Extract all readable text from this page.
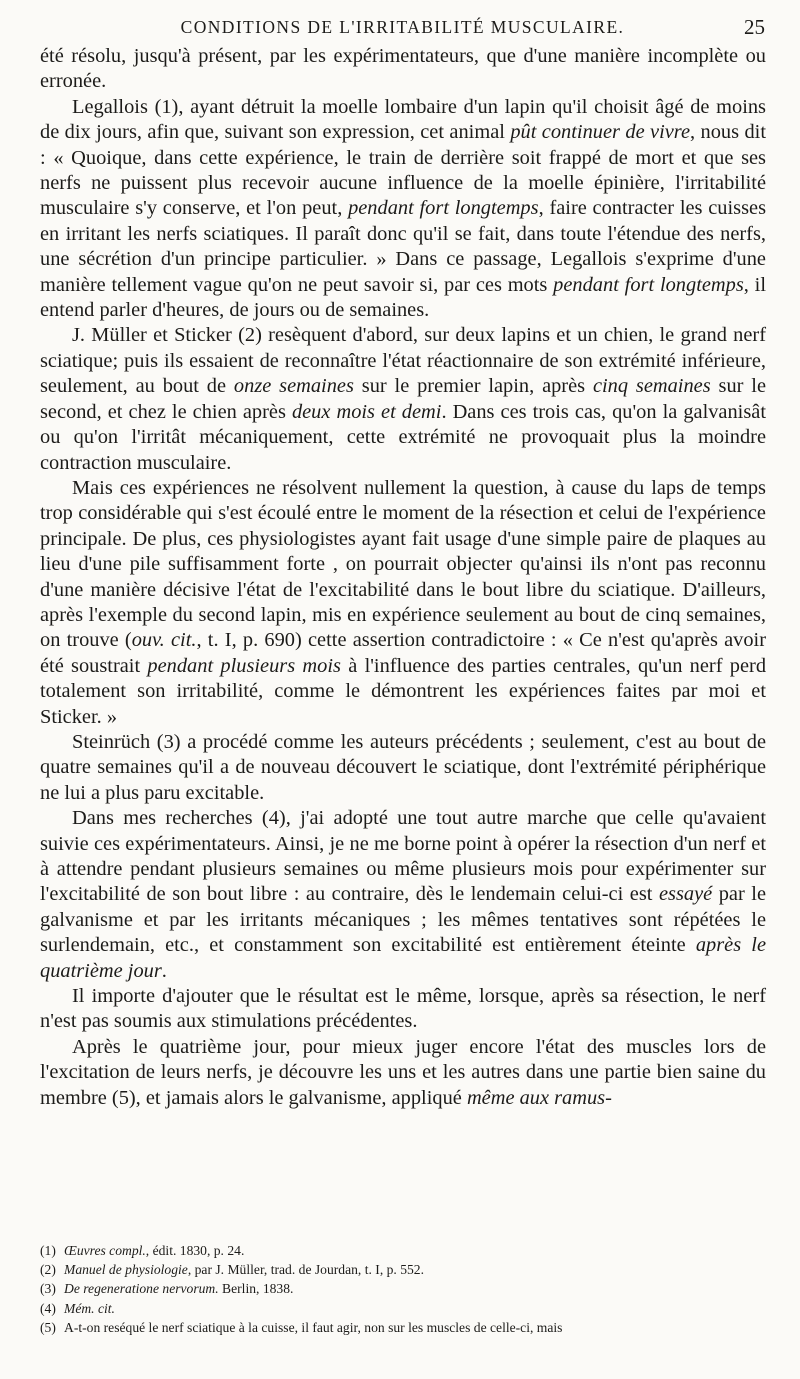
CONDITIONS DE L'IRRITABILITÉ MUSCULAIRE.	25

été résolu, jusqu'à présent, par les expérimentateurs, que d'une manière incomplète ou erronée.

Legallois (1), ayant détruit la moelle lombaire d'un lapin qu'il choisit âgé de moins de dix jours, afin que, suivant son expression, cet animal pût continuer de vivre, nous dit : « Quoique, dans cette expérience, le train de derrière soit frappé de mort et que ses nerfs ne puissent plus recevoir aucune influence de la moelle épinière, l'irritabilité musculaire s'y conserve, et l'on peut, pendant fort longtemps, faire contracter les cuisses en irritant les nerfs sciatiques. Il paraît donc qu'il se fait, dans toute l'étendue des nerfs, une sécrétion d'un principe particulier. » Dans ce passage, Legallois s'exprime d'une manière tellement vague qu'on ne peut savoir si, par ces mots pendant fort longtemps, il entend parler d'heures, de jours ou de semaines.

J. Müller et Sticker (2) resèquent d'abord, sur deux lapins et un chien, le grand nerf sciatique; puis ils essaient de reconnaître l'état réactionnaire de son extrémité inférieure, seulement, au bout de onze semaines sur le premier lapin, après cinq semaines sur le second, et chez le chien après deux mois et demi. Dans ces trois cas, qu'on la galvanisât ou qu'on l'irritât mécaniquement, cette extrémité ne provoquait plus la moindre contraction musculaire.

Mais ces expériences ne résolvent nullement la question, à cause du laps de temps trop considérable qui s'est écoulé entre le moment de la résection et celui de l'expérience principale. De plus, ces physiologistes ayant fait usage d'une simple paire de plaques au lieu d'une pile suffisamment forte , on pourrait objecter qu'ainsi ils n'ont pas reconnu d'une manière décisive l'état de l'excitabilité dans le bout libre du sciatique. D'ailleurs, après l'exemple du second lapin, mis en expérience seulement au bout de cinq semaines, on trouve (ouv. cit., t. I, p. 690) cette assertion contradictoire : « Ce n'est qu'après avoir été soustrait pendant plusieurs mois à l'influence des parties centrales, qu'un nerf perd totalement son irritabilité, comme le démontrent les expériences faites par moi et Sticker. »

Steinrüch (3) a procédé comme les auteurs précédents ; seulement, c'est au bout de quatre semaines qu'il a de nouveau découvert le sciatique, dont l'extrémité périphérique ne lui a plus paru excitable.

Dans mes recherches (4), j'ai adopté une tout autre marche que celle qu'avaient suivie ces expérimentateurs. Ainsi, je ne me borne point à opérer la résection d'un nerf et à attendre pendant plusieurs semaines ou même plusieurs mois pour expérimenter sur l'excitabilité de son bout libre : au contraire, dès le lendemain celui-ci est essayé par le galvanisme et par les irritants mécaniques ; les mêmes tentatives sont répétées le surlendemain, etc., et constamment son excitabilité est entièrement éteinte après le quatrième jour.

Il importe d'ajouter que le résultat est le même, lorsque, après sa résection, le nerf n'est pas soumis aux stimulations précédentes.

Après le quatrième jour, pour mieux juger encore l'état des muscles lors de l'excitation de leurs nerfs, je découvre les uns et les autres dans une partie bien saine du membre (5), et jamais alors le galvanisme, appliqué même aux ramus-

(1) Œuvres compl., édit. 1830, p. 24.
(2) Manuel de physiologie, par J. Müller, trad. de Jourdan, t. I, p. 552.
(3) De regeneratione nervorum. Berlin, 1838.
(4) Mém. cit.
(5) A-t-on reséqué le nerf sciatique à la cuisse, il faut agir, non sur les muscles de celle-ci, mais
